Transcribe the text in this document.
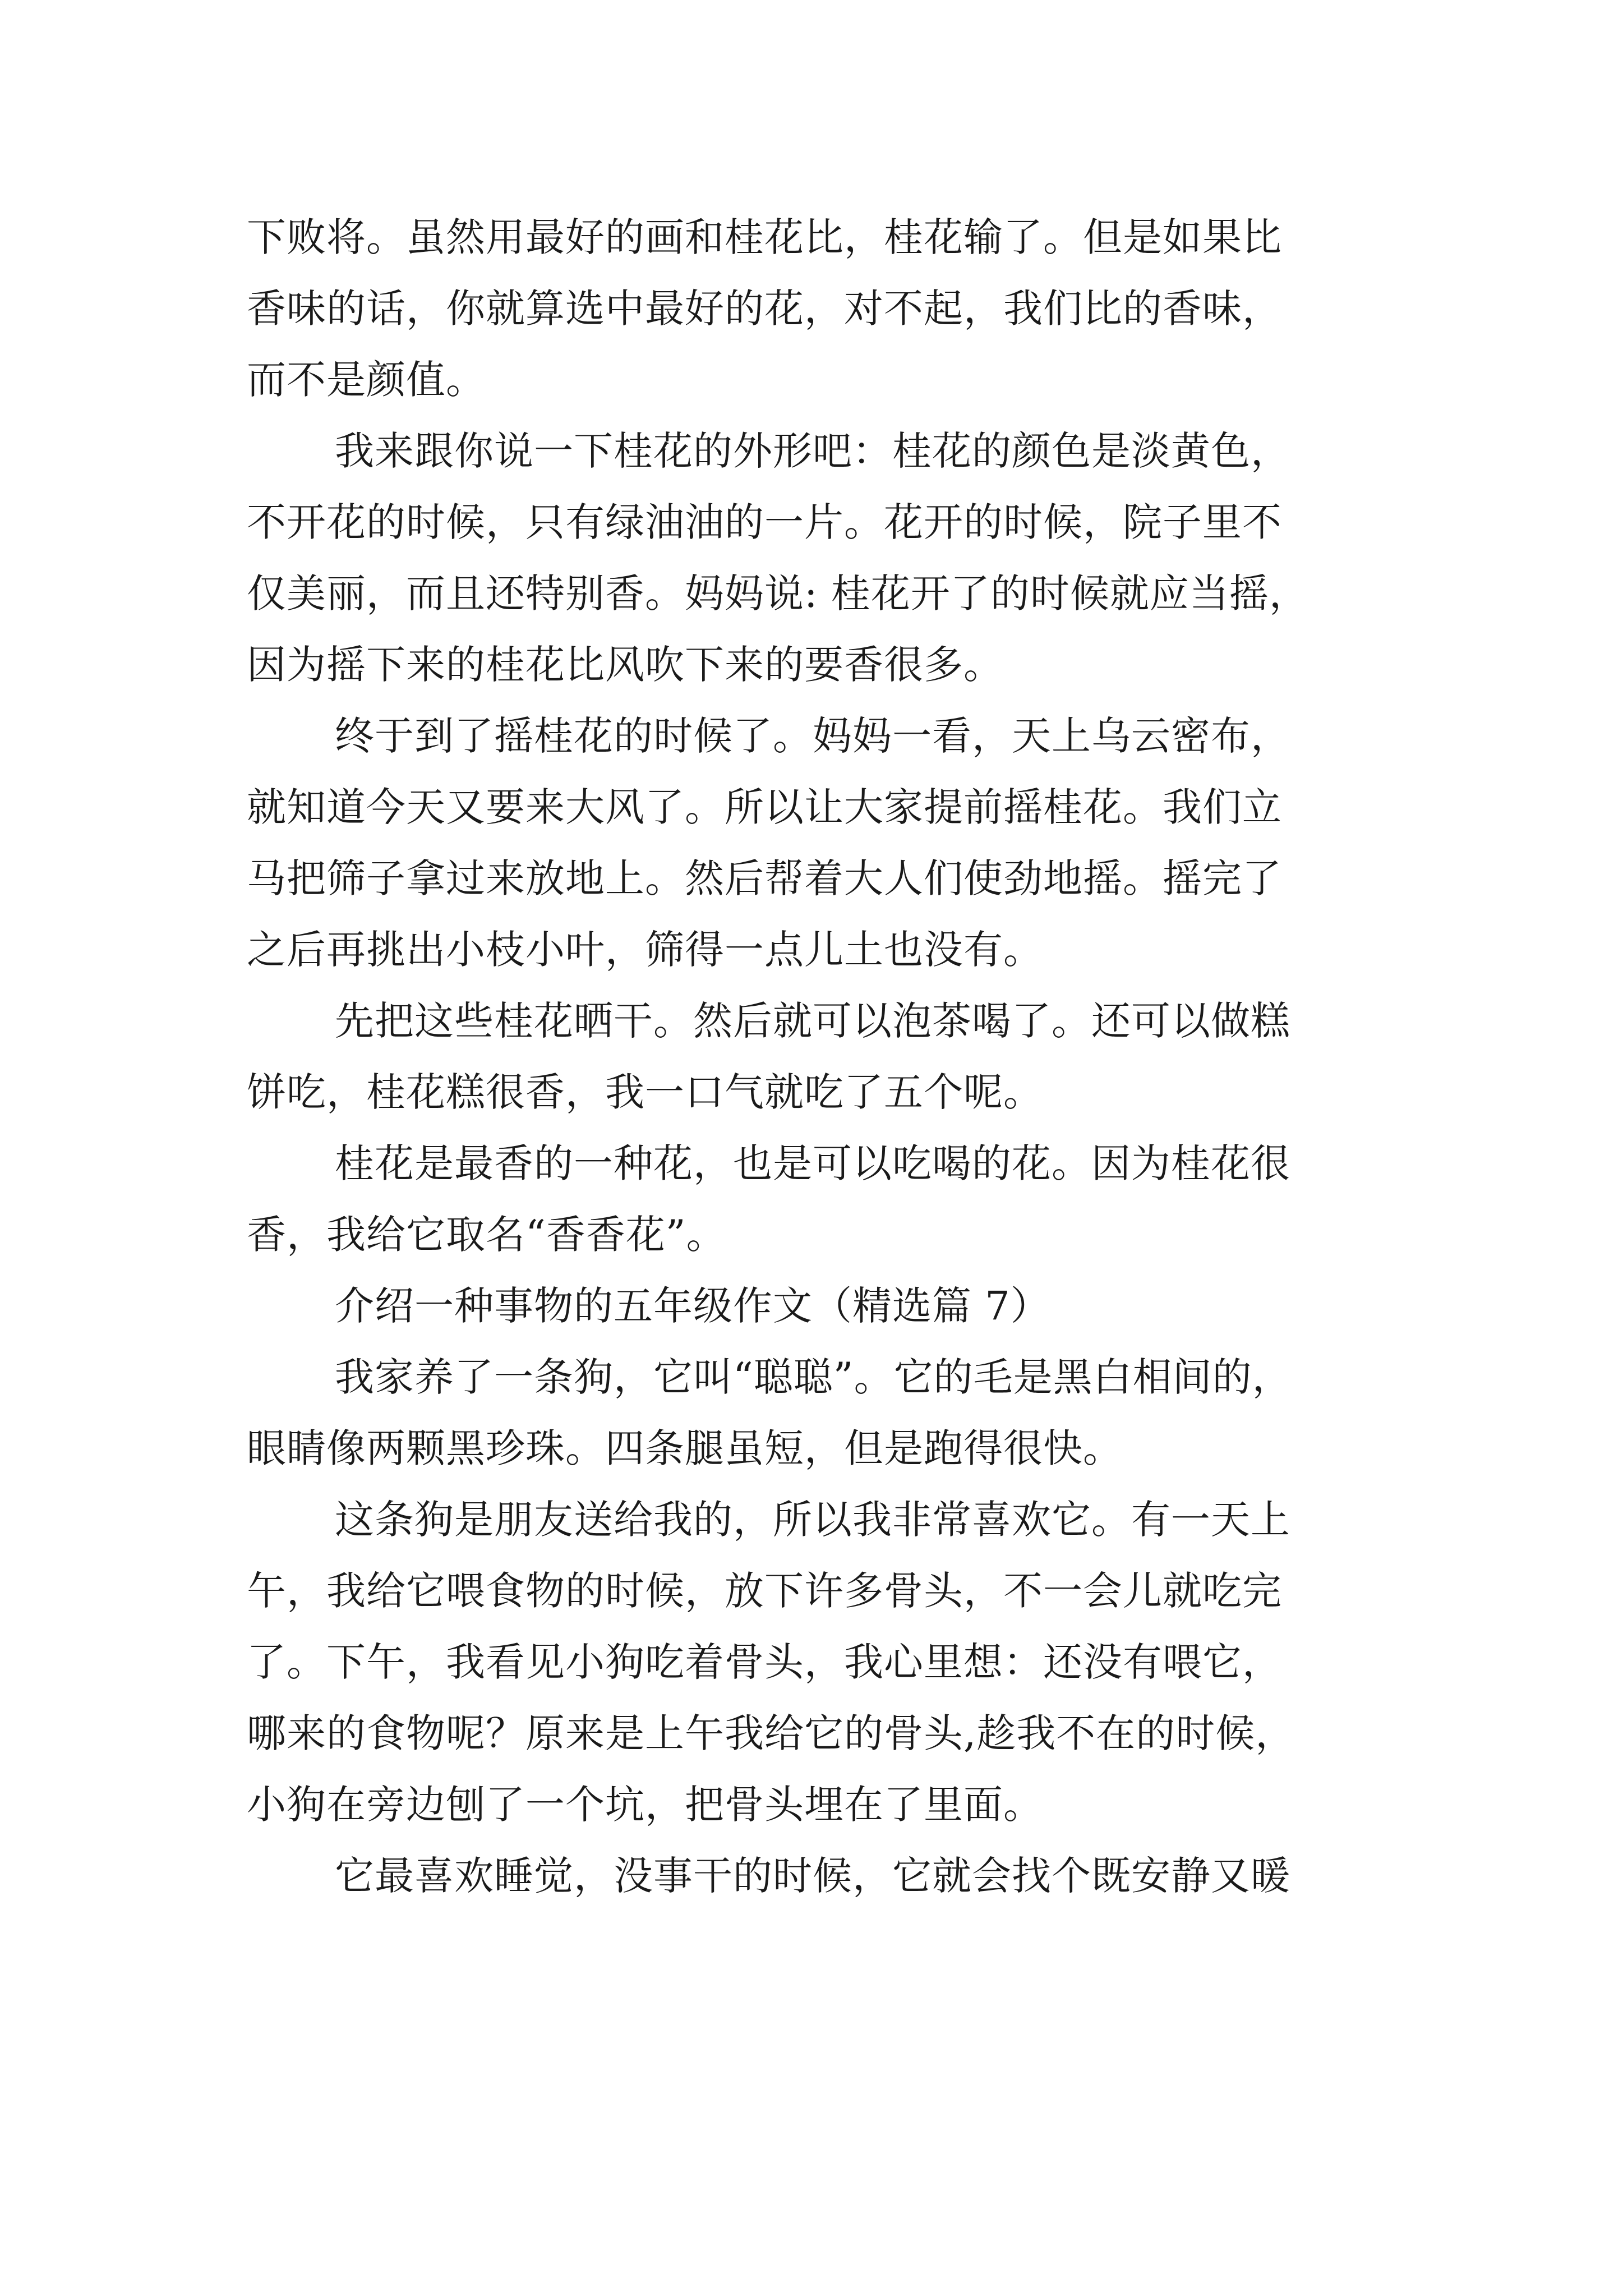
下败将。虽然用最好的画和桂花比，桂花输了。但是如果比
香味的话，你就算选中最好的花，对不起，我们比的香味，
而不是颜值。
我来跟你说一下桂花的外形吧：桂花的颜色是淡黄色，
不开花的时候，只有绿油油的一片。花开的时候，院子里不
仅美丽，而且还特别香。妈妈说: 桂花开了的时候就应当摇，
因为摇下来的桂花比风吹下来的要香很多。
终于到了摇桂花的时候了。妈妈一看，天上乌云密布，
就知道今天又要来大风了。所以让大家提前摇桂花。我们立
马把筛子拿过来放地上。然后帮着大人们使劲地摇。摇完了
之后再挑出小枝小叶，筛得一点儿土也没有。
先把这些桂花晒干。然后就可以泡茶喝了。还可以做糕
饼吃，桂花糕很香，我一口气就吃了五个呢。
桂花是最香的一种花，也是可以吃喝的花。因为桂花很
香，我给它取名“香香花”。
介绍一种事物的五年级作文（精选篇 7）
我家养了一条狗，它叫“聪聪”。它的毛是黑白相间的，
眼睛像两颗黑珍珠。四条腿虽短，但是跑得很快。
这条狗是朋友送给我的，所以我非常喜欢它。有一天上
午，我给它喂食物的时候，放下许多骨头，不一会儿就吃完
了。下午，我看见小狗吃着骨头，我心里想：还没有喂它，
哪来的食物呢？原来是上午我给它的骨头,趁我不在的时候，
小狗在旁边刨了一个坑，把骨头埋在了里面。
它最喜欢睡觉，没事干的时候，它就会找个既安静又暖
